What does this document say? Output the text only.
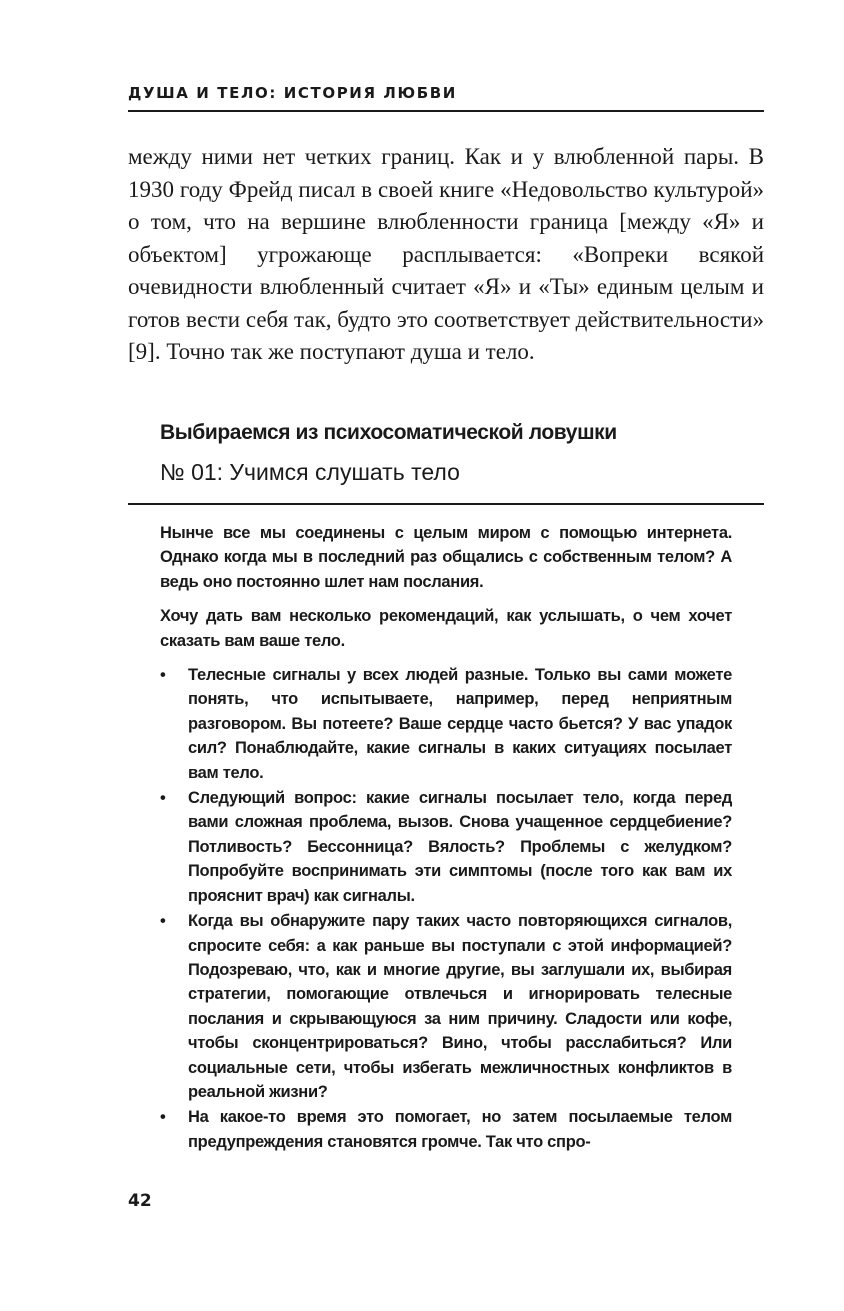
ДУША И ТЕЛО: ИСТОРИЯ ЛЮБВИ

между ними нет четких границ. Как и у влюбленной пары. В 1930 году Фрейд писал в своей книге «Недовольство культурой» о том, что на вершине влюбленности граница [между «Я» и объектом] угрожающе расплывается: «Вопреки всякой очевидности влюбленный считает «Я» и «Ты» единым целым и готов вести себя так, будто это соответствует действительности» [9]. Точно так же поступают душа и тело.

Выбираемся из психосоматической ловушки
№ 01: Учимся слушать тело

Нынче все мы соединены с целым миром с помощью интернета. Однако когда мы в последний раз общались с собственным телом? А ведь оно постоянно шлет нам послания.

Хочу дать вам несколько рекомендаций, как услышать, о чем хочет сказать вам ваше тело.

• Телесные сигналы у всех людей разные. Только вы сами можете понять, что испытываете, например, перед неприятным разговором. Вы потеете? Ваше сердце часто бьется? У вас упадок сил? Понаблюдайте, какие сигналы в каких ситуациях посылает вам тело.
• Следующий вопрос: какие сигналы посылает тело, когда перед вами сложная проблема, вызов. Снова учащенное сердцебиение? Потливость? Бессонница? Вялость? Проблемы с желудком? Попробуйте воспринимать эти симптомы (после того как вам их прояснит врач) как сигналы.
• Когда вы обнаружите пару таких часто повторяющихся сигналов, спросите себя: а как раньше вы поступали с этой информацией? Подозреваю, что, как и многие другие, вы заглушали их, выбирая стратегии, помогающие отвлечься и игнорировать телесные послания и скрывающуюся за ним причину. Сладости или кофе, чтобы сконцентрироваться? Вино, чтобы расслабиться? Или социальные сети, чтобы избегать межличностных конфликтов в реальной жизни?
• На какое-то время это помогает, но затем посылаемые телом предупреждения становятся громче. Так что спро-
42
